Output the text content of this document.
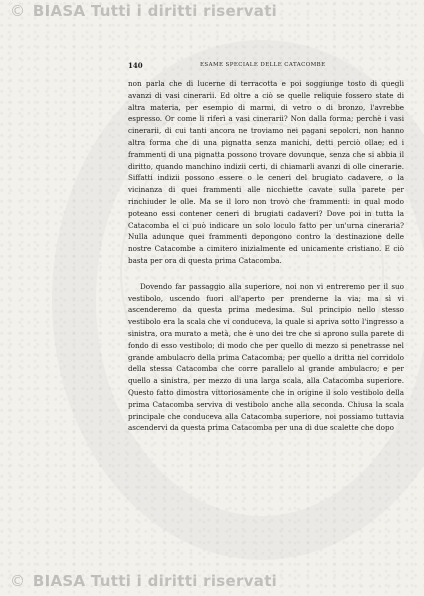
© BIASA Tutti i diritti riservati
140	ESAME SPECIALE DELLE CATACOMBE

non parla che di lucerne di terracotta e poi soggiunge tosto di quegli avanzi di vasi cinerarii. Ed oltre a ciò se quelle reliquie fossero state di altra materia, per esempio di marmi, di vetro o di bronzo, l'avrebbe espresso. Or come li riferì a vasi cinerarii? Non dalla forma; perchè i vasi cinerarii, di cui tanti ancora ne troviamo nei pagani sepolcri, non hanno altra forma che di una pignatta senza manichi, detti perciò ollae; ed i frammenti di una pignatta possono trovare dovunque, senza che si abbia il diritto, quando manchino indizii certi, di chiamarli avanzi di olle cinerarie. Siffatti indizii possono essere o le ceneri del brugiato cadavere, o la vicinanza di quei frammenti alle nicchiette cavate sulla parete per rinchiuder le olle. Ma se il loro non trovò che frammenti: in qual modo poteano essi contener ceneri di brugiati cadaveri? Dove poi in tutta la Catacomba el ci può indicare un solo loculo fatto per un'urna cineraria? Nulla adunque quei frammenti depongono contro la destinazione delle nostre Catacombe a cimitero inizialmente ed unicamente cristiano. E ciò basta per ora di questa prima Catacomba.

Dovendo far passaggio alla superiore, noi non vi entreremo per il suo vestibolo, uscendo fuori all'aperto per prenderne la via; ma sì vi ascenderemo da questa prima medesima. Sul principio nello stesso vestibolo era la scala che vi conduceva, la quale si apriva sotto l'ingresso a sinistra, ora murato a metà, che è uno dei tre che si aprono sulla parete di fondo di esso vestibolo; di modo che per quello di mezzo si penetrasse nel grande ambulacro della prima Catacomba; per quello a dritta nel corridolo della stessa Catacomba che corre parallelo al grande ambulacro; e per quello a sinistra, per mezzo di una larga scala, alla Catacomba superiore. Questo fatto dimostra vittoriosamente che in origine il solo vestibolo della prima Catacomba serviva di vestibolo anche alla seconda. Chiusa la scala principale che conduceva alla Catacomba superiore, noi possiamo tuttavia ascendervi da questa prima Catacomba per una di due scalette che dopo

© BIASA Tutti i diritti riservati
